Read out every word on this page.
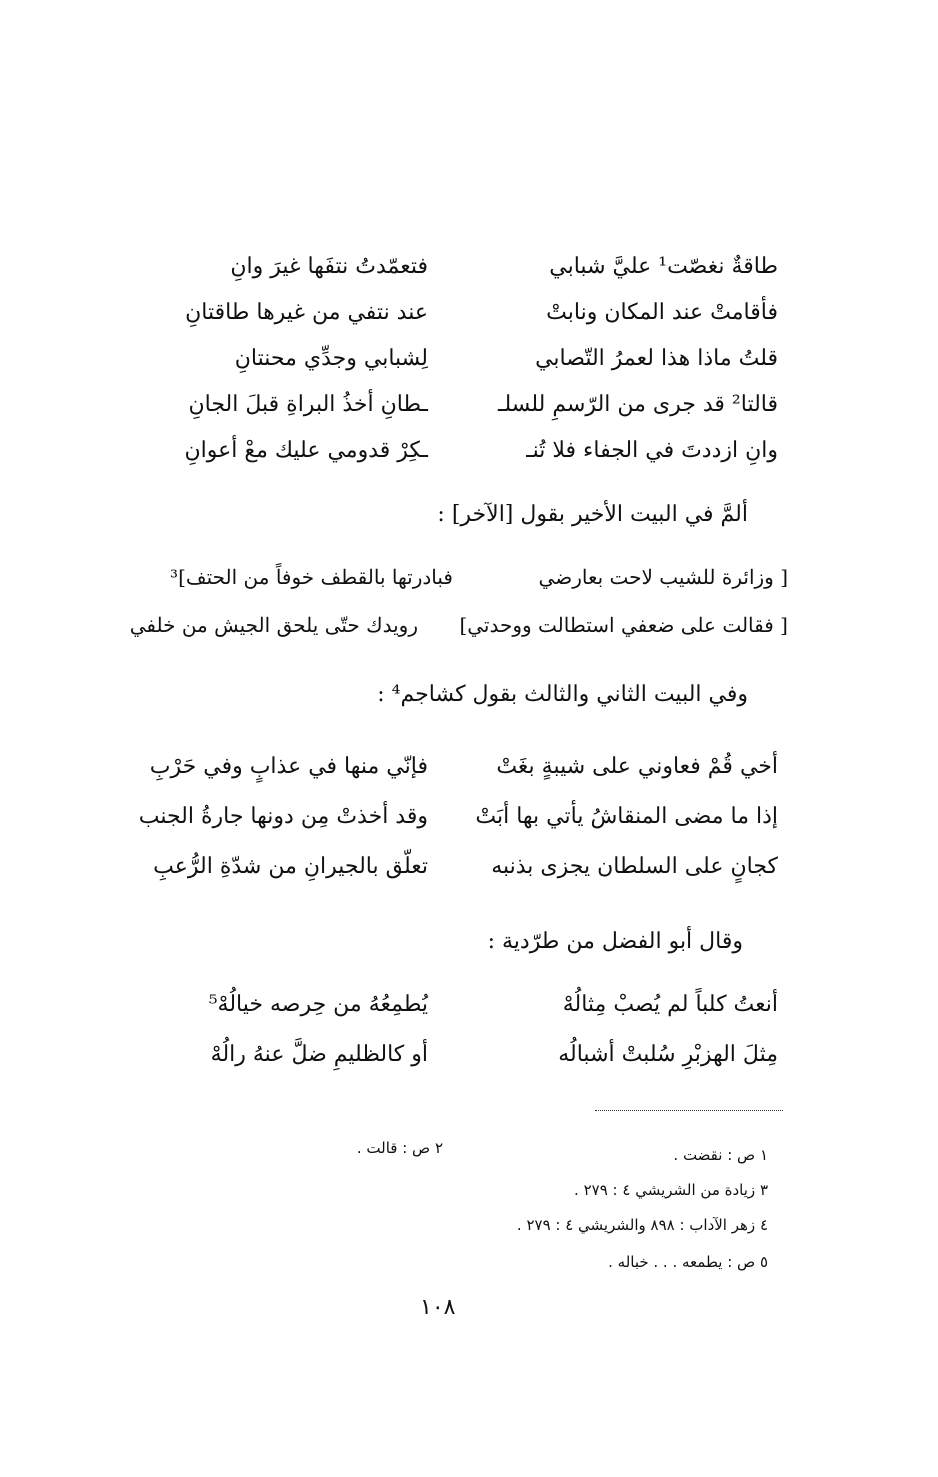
طاقةٌ نغصّت¹ عليَّ شبابي
فتعمّدتُ نتفَها غيرَ وانِ
فأقامتْ عند المكان ونابتْ
عند نتفي من غيرها طاقتانِ
قلتُ ماذا هذا لعمرُ التّصابي
لِشبابي وجدِّي محنتانِ
قالتا² قد جرى من الرّسمِ للسلـ
ـطانِ أخذُ البراةِ قبلَ الجانِ
وانِ ازددتَ في الجفاء فلا تُنـ
ـكِرْ قدومي عليك معْ أعوانِ
ألمَّ في البيت الأخير بقول [الآخر] :
[ وزائرة للشيب لاحت بعارضي
فبادرتها بالقطف خوفاً من الحتف]³
[ فقالت على ضعفي استطالت ووحدتي]
رويدك حتّى يلحق الجيش من خلفي
وفي البيت الثاني والثالث بقول كشاجم⁴ :
أخي قُمْ فعاوني على شيبةٍ بغَتْ
فإنّي منها في عذابٍ وفي حَرْبِ
إذا ما مضى المنقاشُ يأتي بها أبَتْ
وقد أخذتْ مِن دونها جارةُ الجنب
كجانٍ على السلطان يجزى بذنبه
تعلّق بالجيرانِ من شدّةِ الرُّعبِ
وقال أبو الفضل من طرّدية :
أنعتُ كلباً لم يُصبْ مِثالُهْ
يُطمِعُهُ من حِرصه خيالُهْ⁵
مِثلَ الهزبْرِ سُلبتْ أشبالُه
أو كالظليمِ ضلَّ عنهُ رالُهْ
١ ص : نقضت .
٢ ص : قالت .
٣ زيادة من الشريشي ٤ : ٢٧٩ .
٤ زهر الآداب : ٨٩٨ والشريشي ٤ : ٢٧٩ .
٥ ص : يطمعه . . . خباله .
١٠٨
